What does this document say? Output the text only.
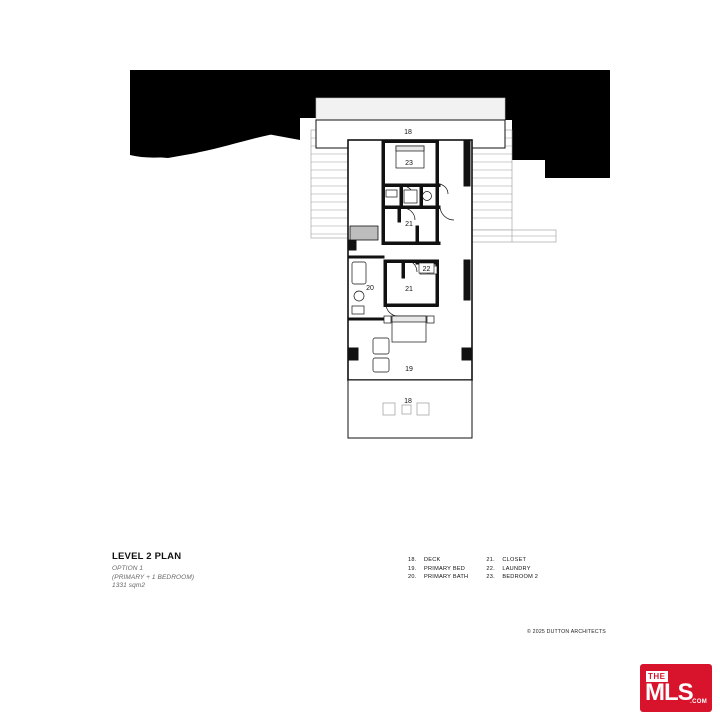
18
23
21
20	21
22
19
18
LEVEL 2 PLAN
OPTION 1
(PRIMARY + 1 BEDROOM)
1331 sqm2
18.	DECK
19.	PRIMARY BED
20.	PRIMARY BATH
21.	CLOSET
22.	LAUNDRY
23.	BEDROOM 2
© 2025 DUTTON ARCHITECTS
THE
MLS
.COM
